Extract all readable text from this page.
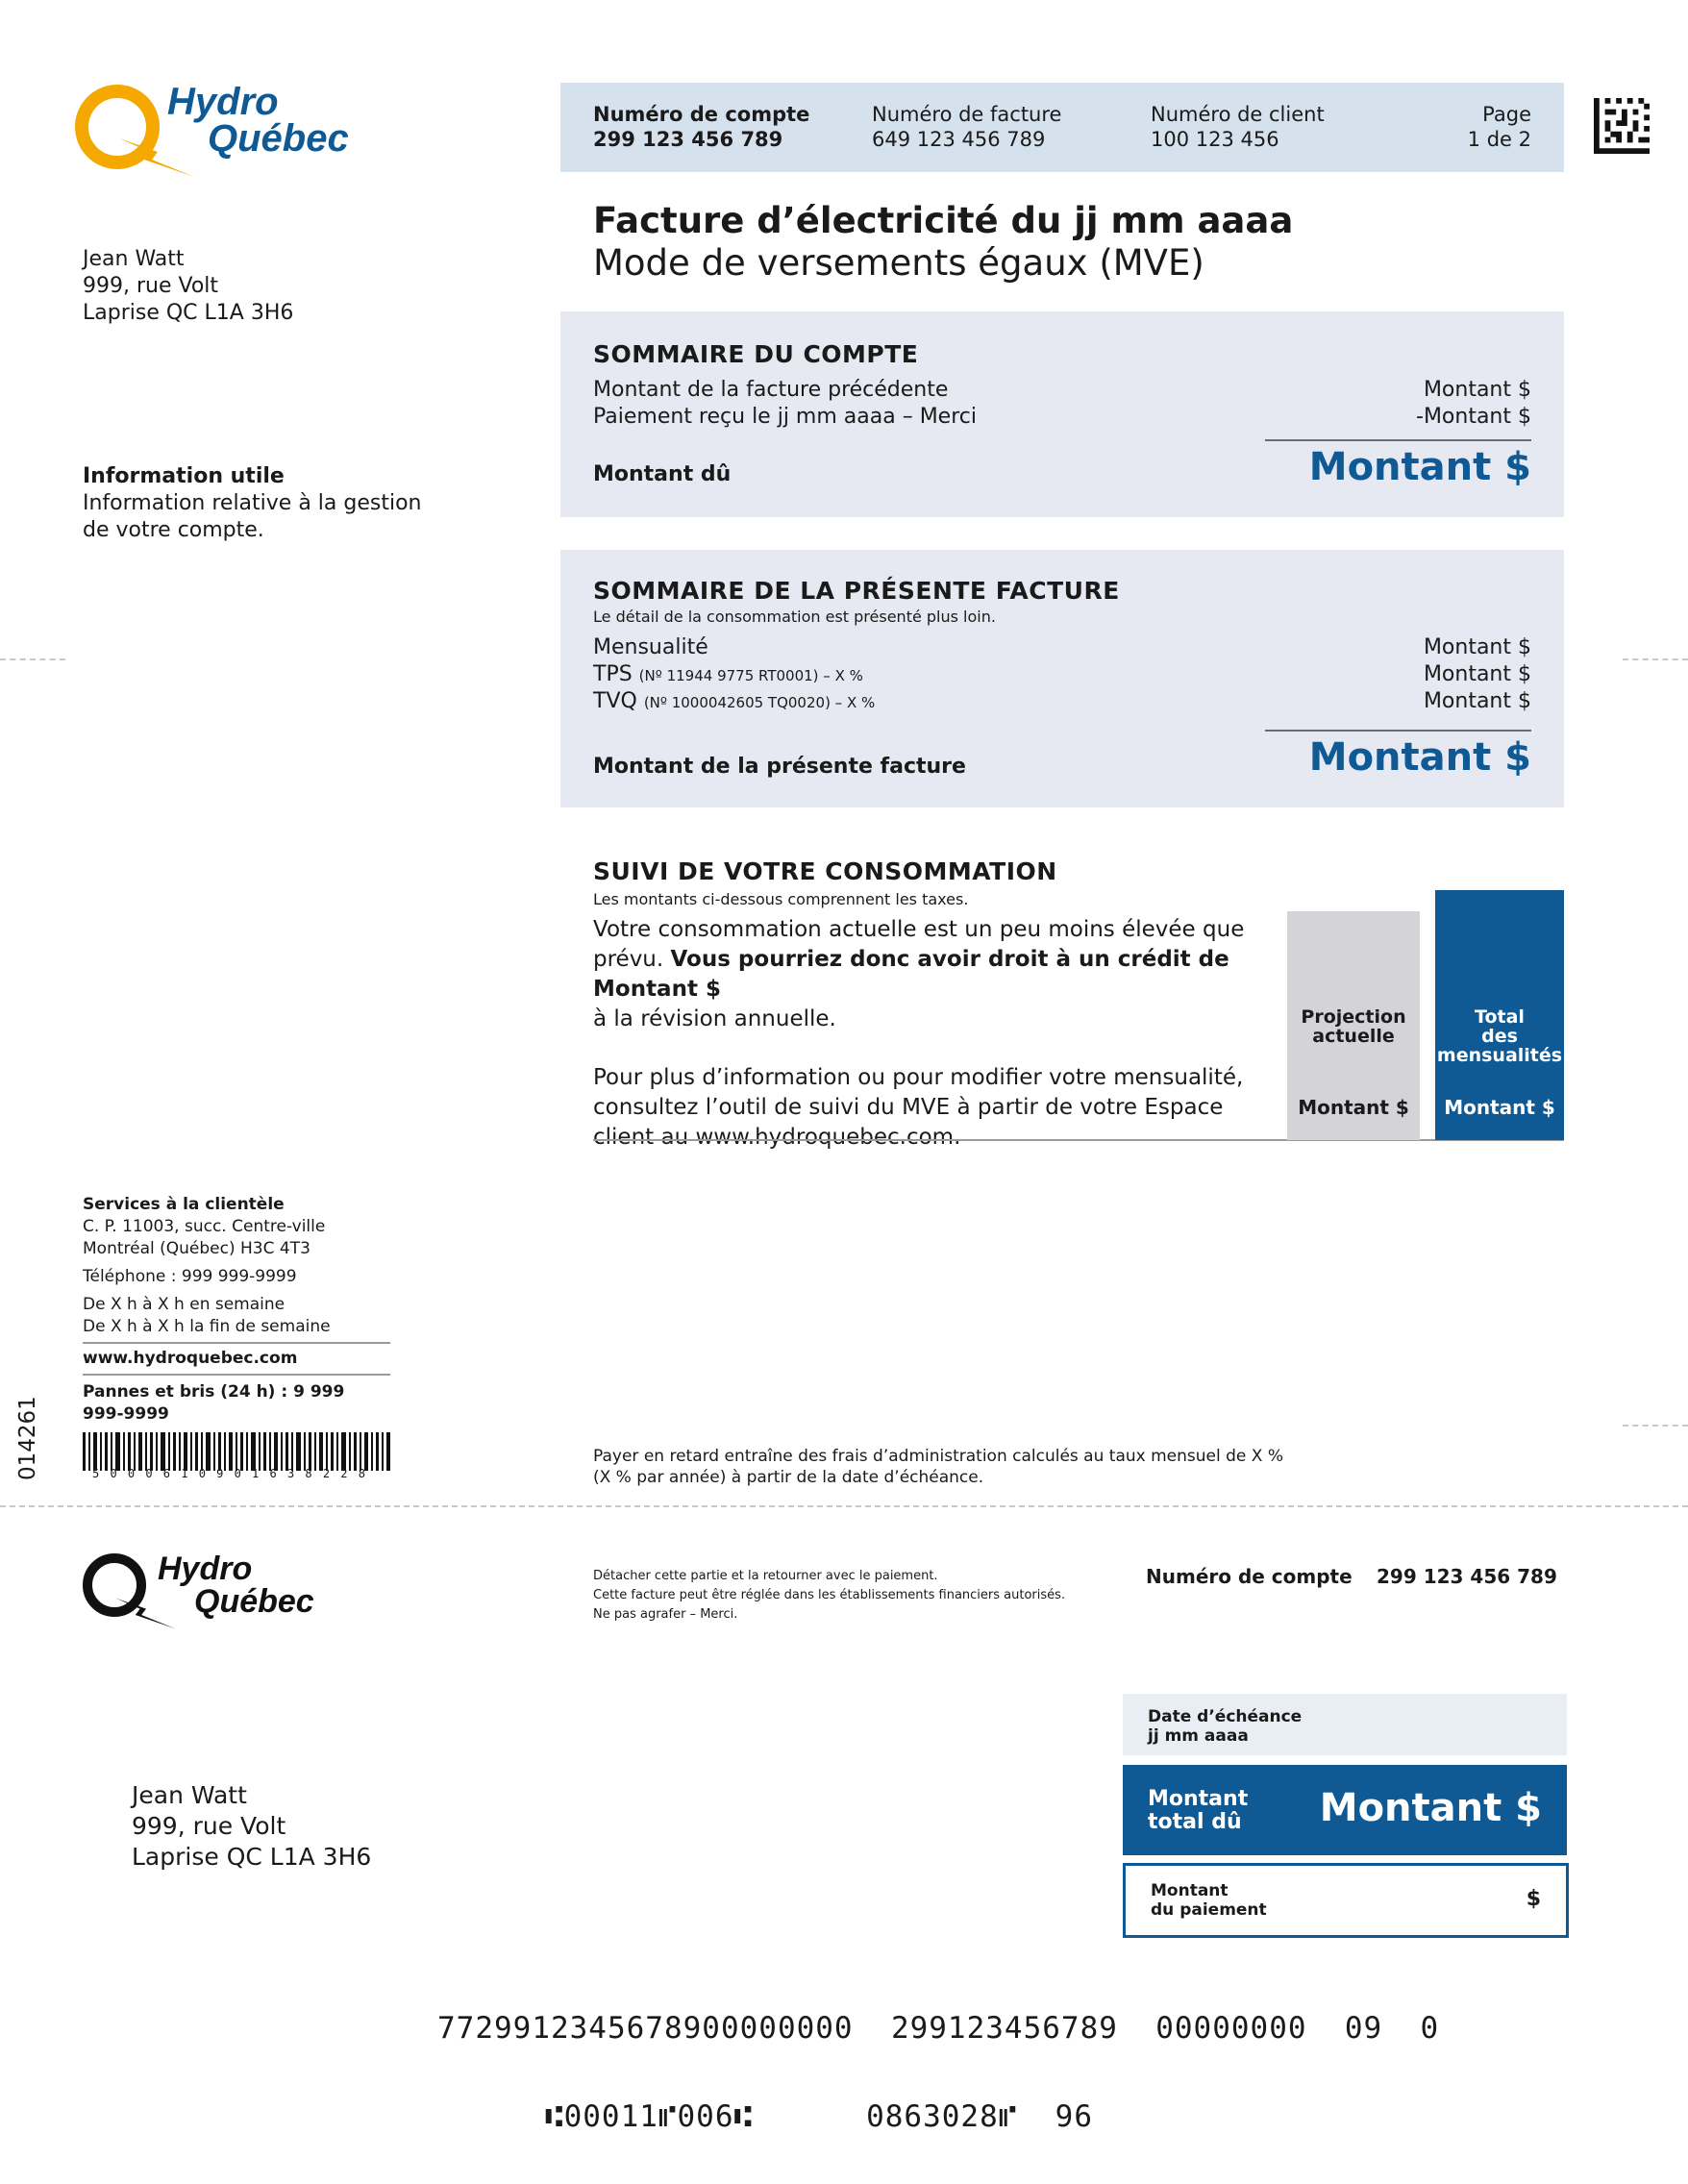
Hydro
Québec
Numéro de compte
299 123 456 789
Numéro de facture
649 123 456 789
Numéro de client
100 123 456
Page
1 de 2
Jean Watt
999, rue Volt
Laprise QC L1A 3H6
Facture d’électricité du jj mm aaaa
Mode de versements égaux (MVE)
Information utile
Information relative à la gestion
de votre compte.
SOMMAIRE DU COMPTE
Montant de la facture précédente	Montant $
Paiement reçu le jj mm aaaa – Merci	-Montant $
Montant dû	Montant $
SOMMAIRE DE LA PRÉSENTE FACTURE
Le détail de la consommation est présenté plus loin.
Mensualité	Montant $
TPS (Nº 11944 9775 RT0001) – X %	Montant $
TVQ (Nº 1000042605 TQ0020) – X %	Montant $
Montant de la présente facture	Montant $
SUIVI DE VOTRE CONSOMMATION
Les montants ci-dessous comprennent les taxes.
Votre consommation actuelle est un peu moins élevée que
prévu. Vous pourriez donc avoir droit à un crédit de Montant $
à la révision annuelle.
Pour plus d’information ou pour modifier votre mensualité,
consultez l’outil de suivi du MVE à partir de votre Espace
client au www.hydroquebec.com.
Projection
actuelle
Montant $
Total
des
mensualités
Montant $
Services à la clientèle
C. P. 11003, succ. Centre-ville
Montréal (Québec) H3C 4T3
Téléphone : 999 999-9999
De X h à X h en semaine
De X h à X h la fin de semaine
www.hydroquebec.com
Pannes et bris (24 h) : 9 999 999-9999
014261	5 0 0 0 6 1 0 9 0 1 6 3 8 2 2 8
Payer en retard entraîne des frais d’administration calculés au taux mensuel de X %
(X % par année) à partir de la date d’échéance.
Hydro
Québec
Détacher cette partie et la retourner avec le paiement.
Cette facture peut être réglée dans les établissements financiers autorisés.
Ne pas agrafer – Merci.
Numéro de compte 299 123 456 789
Jean Watt
999, rue Volt
Laprise QC L1A 3H6
Date d’échéance
jj mm aaaa
Montant
total dû Montant $
Montant
du paiement	$
7729912345678900000000 299123456789 00000000 09 0
⑆00011⑈006⑆	0863028⑈ 96
